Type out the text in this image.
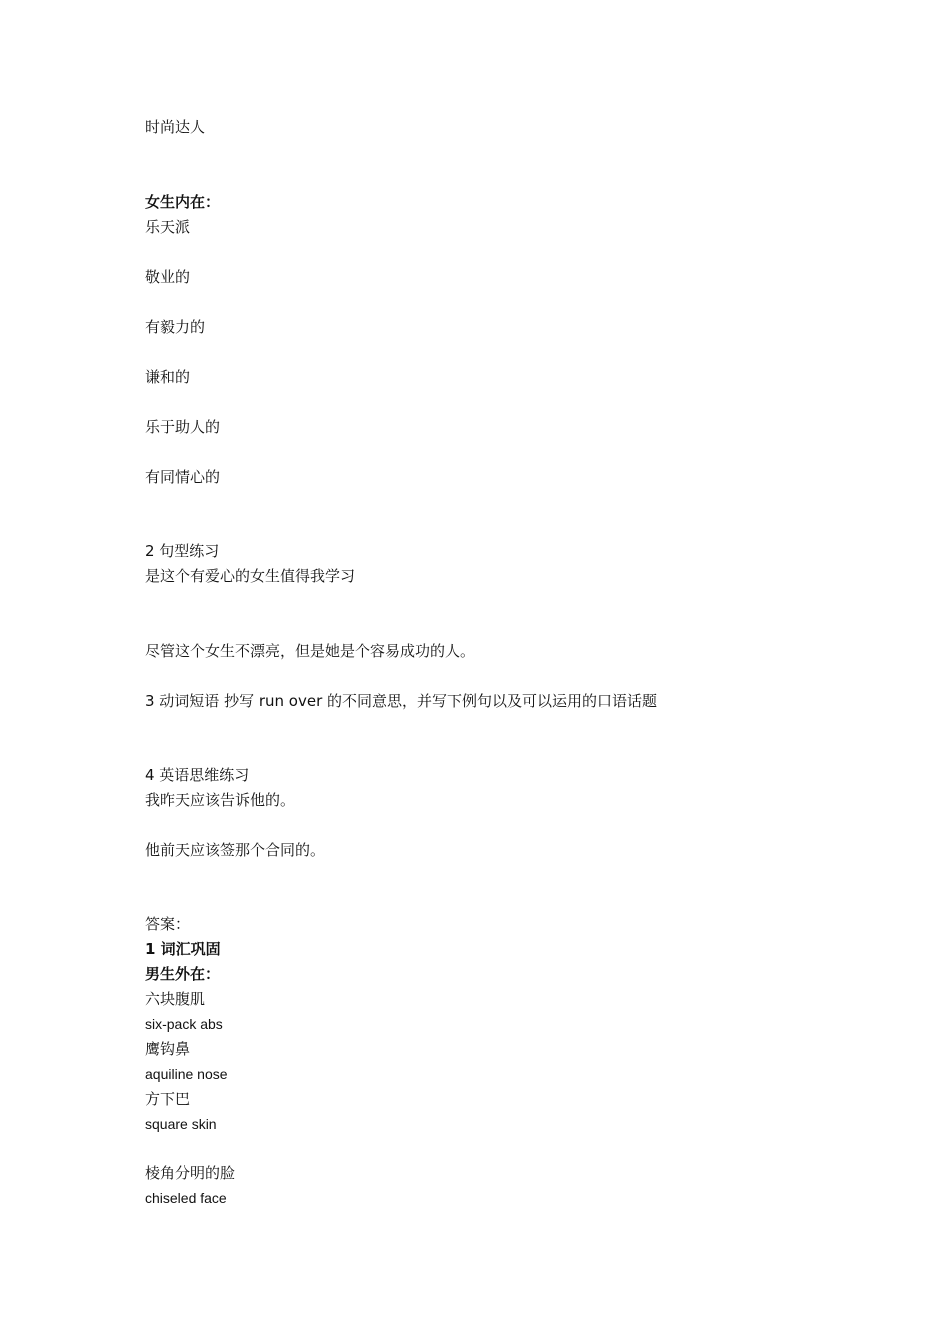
时尚达人
女生内在：
乐天派
敬业的
有毅力的
谦和的
乐于助人的
有同情心的
2 句型练习
是这个有爱心的女生值得我学习
尽管这个女生不漂亮，但是她是个容易成功的人。
3 动词短语 抄写 run over 的不同意思，并写下例句以及可以运用的口语话题
4 英语思维练习
我昨天应该告诉他的。
他前天应该签那个合同的。
答案：
1 词汇巩固
男生外在：
六块腹肌
six-pack abs
鹰钩鼻
aquiline nose
方下巴
square skin
棱角分明的脸
chiseled face
